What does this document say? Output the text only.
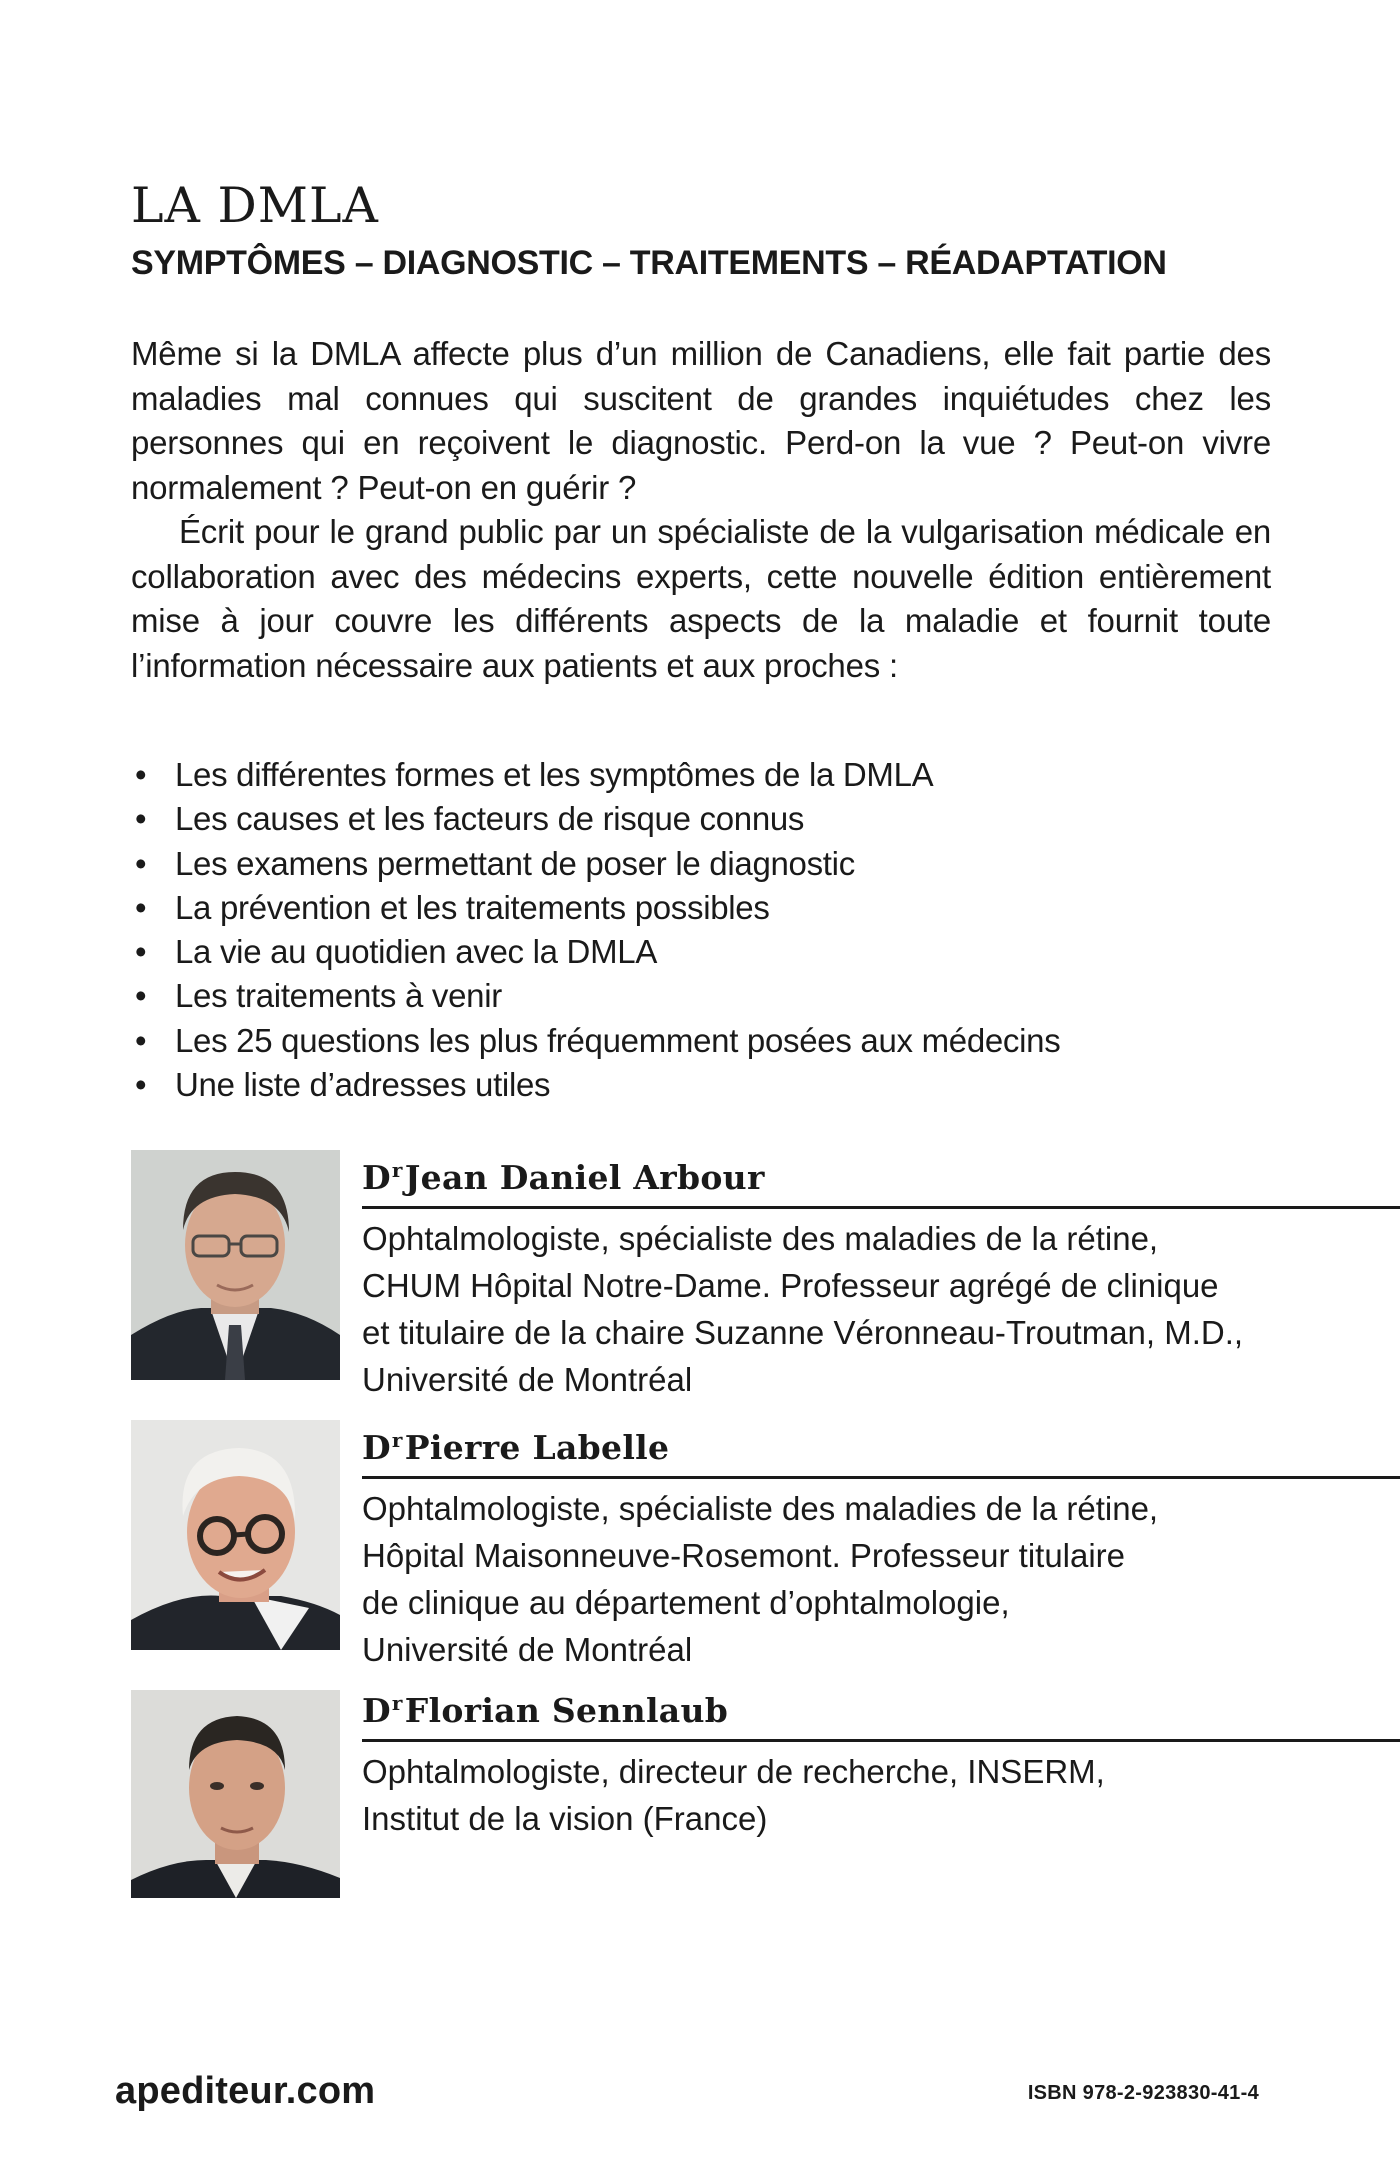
LA DMLA
SYMPTÔMES – DIAGNOSTIC – TRAITEMENTS – RÉADAPTATION

Même si la DMLA affecte plus d’un million de Canadiens, elle fait partie des maladies mal connues qui suscitent de grandes inquiétudes chez les personnes qui en reçoivent le diagnostic. Perd-on la vue ? Peut-on vivre normalement ? Peut-on en guérir ?

Écrit pour le grand public par un spécialiste de la vulgarisation médicale en collaboration avec des médecins experts, cette nouvelle édition entièrement mise à jour couvre les différents aspects de la maladie et fournit toute l’information nécessaire aux patients et aux proches :

• Les différentes formes et les symptômes de la DMLA
• Les causes et les facteurs de risque connus
• Les examens permettant de poser le diagnostic
• La prévention et les traitements possibles
• La vie au quotidien avec la DMLA
• Les traitements à venir
• Les 25 questions les plus fréquemment posées aux médecins
• Une liste d’adresses utiles
$D^rJean$ Daniel Arbour
Ophtalmologiste, spécialiste des maladies de la rétine,
CHUM Hôpital Notre-Dame. Professeur agrégé de clinique
et titulaire de la chaire Suzanne Véronneau-Troutman, M.D.,
Université de Montréal
$D^rPierre$ Labelle
Ophtalmologiste, spécialiste des maladies de la rétine,
Hôpital Maisonneuve-Rosemont. Professeur titulaire
de clinique au département d’ophtalmologie,
Université de Montréal
$D^rFlorian$ Sennlaub
Ophtalmologiste, directeur de recherche, INSERM,
Institut de la vision (France)
apediteur.com	ISBN 978-2-923830-41-4
